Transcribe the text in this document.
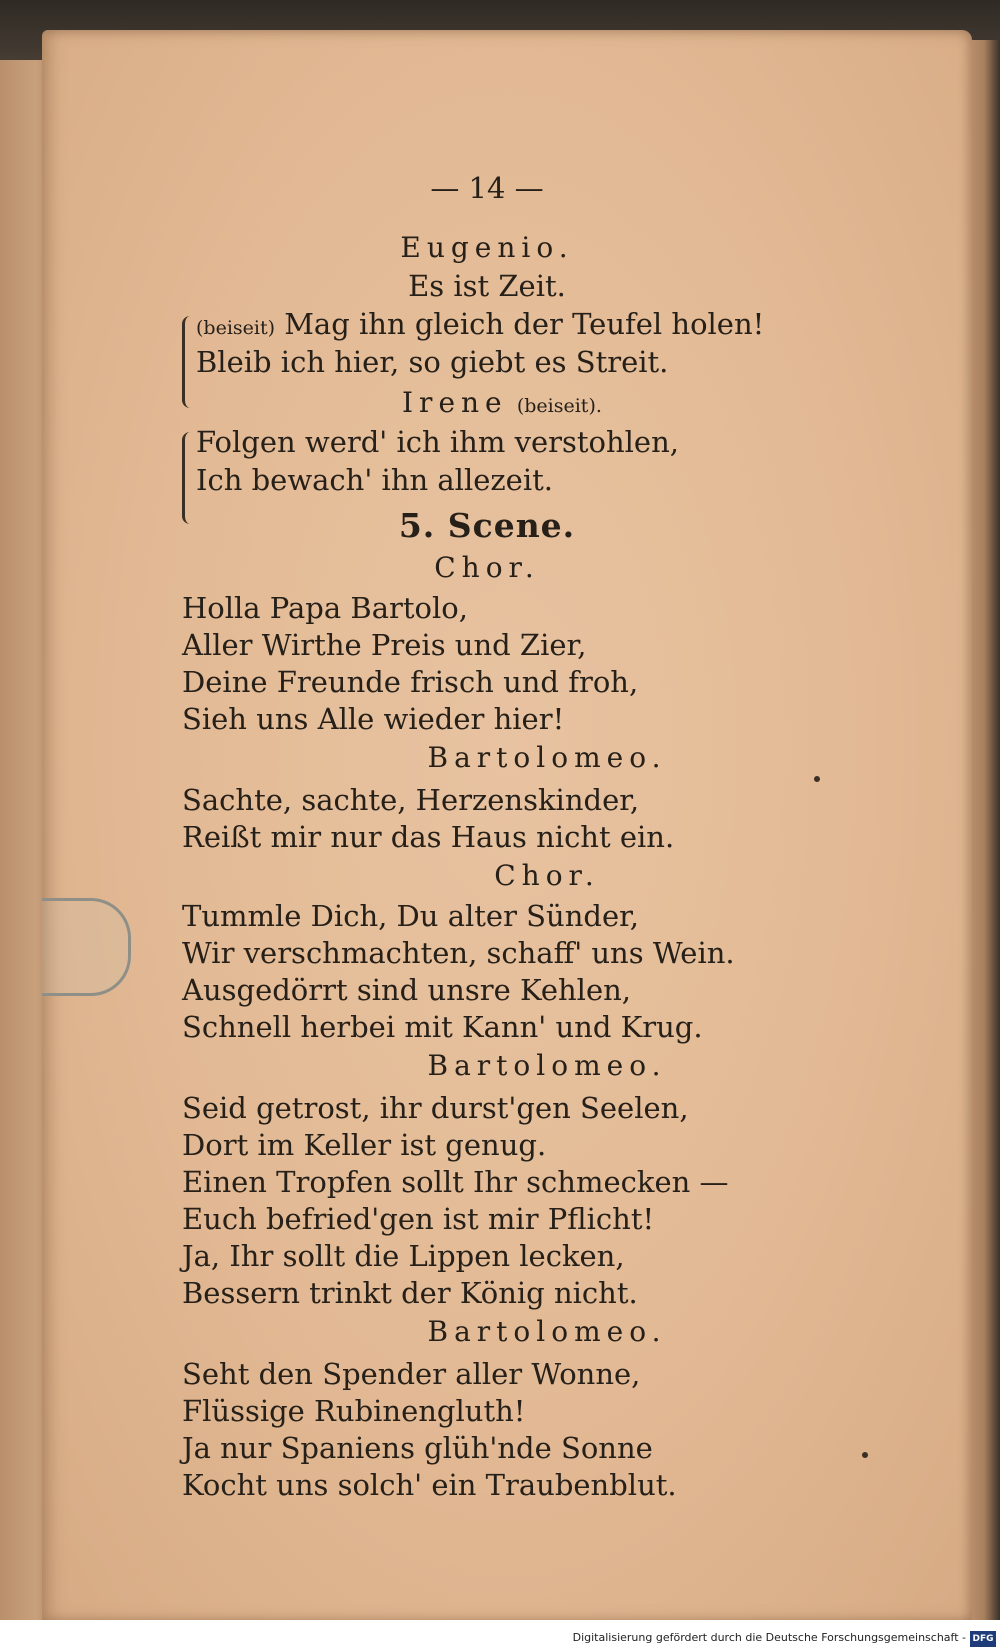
— 14 —
Eugenio.
Es ist Zeit.
(beiseit) Mag ihn gleich der Teufel holen!
Bleib ich hier, so giebt es Streit.
Irene (beiseit).
Folgen werd' ich ihm verstohlen,
Ich bewach' ihn allezeit.
5. Scene.
Chor.
Holla Papa Bartolo,
Aller Wirthe Preis und Zier,
Deine Freunde frisch und froh,
Sieh uns Alle wieder hier!
Bartolomeo.
Sachte, sachte, Herzenskinder,
Reißt mir nur das Haus nicht ein.
Chor.
Tummle Dich, Du alter Sünder,
Wir verschmachten, schaff' uns Wein.
Ausgedörrt sind unsre Kehlen,
Schnell herbei mit Kann' und Krug.
Bartolomeo.
Seid getrost, ihr durst'gen Seelen,
Dort im Keller ist genug.
Einen Tropfen sollt Ihr schmecken —
Euch befried'gen ist mir Pflicht!
Ja, Ihr sollt die Lippen lecken,
Bessern trinkt der König nicht.
Bartolomeo.
Seht den Spender aller Wonne,
Flüssige Rubinengluth!
Ja nur Spaniens glüh'nde Sonne
Kocht uns solch' ein Traubenblut.
Digitalisierung gefördert durch die Deutsche Forschungsgemeinschaft - DFG
